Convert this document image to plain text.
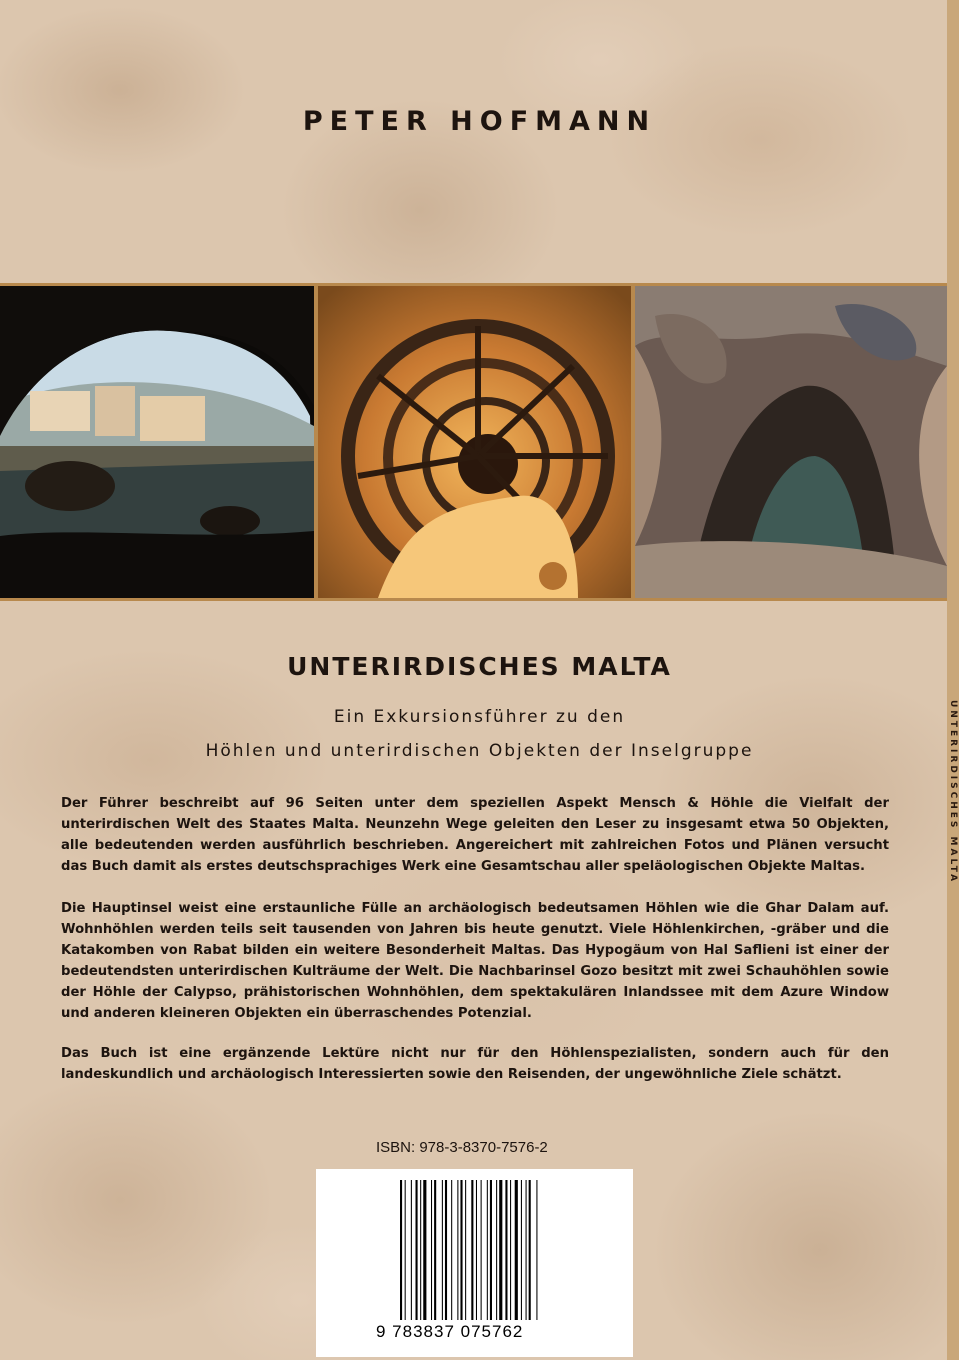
UNTERIRDISCHES MALTA
PETER HOFMANN
UNTERIRDISCHES MALTA
Ein Exkursionsführer zu den
Höhlen und unterirdischen Objekten der Inselgruppe
Der Führer beschreibt auf 96 Seiten unter dem speziellen Aspekt Mensch & Höhle die Vielfalt der unterirdischen Welt des Staates Malta. Neunzehn Wege geleiten den Leser zu insgesamt etwa 50 Objekten, alle bedeutenden werden ausführlich beschrieben. Angereichert mit zahlreichen Fotos und Plänen versucht das Buch damit als erstes deutschsprachiges Werk eine Gesamtschau aller speläologischen Objekte Maltas.
Die Hauptinsel weist eine erstaunliche Fülle an archäologisch bedeutsamen Höhlen wie die Ghar Dalam auf. Wohnhöhlen werden teils seit tausenden von Jahren bis heute genutzt. Viele Höhlenkirchen, -gräber und die Katakomben von Rabat bilden ein weitere Besonderheit Maltas. Das Hypogäum von Hal Saflieni ist einer der bedeutendsten unterirdischen Kulträume der Welt. Die Nachbarinsel Gozo besitzt mit zwei Schauhöhlen sowie der Höhle der Calypso, prähistorischen Wohnhöhlen, dem spektakulären Inlandssee mit dem Azure Window und anderen kleineren Objekten ein überraschendes Potenzial.
Das Buch ist eine ergänzende Lektüre nicht nur für den Höhlenspezialisten, sondern auch für den landeskundlich und archäologisch Interessierten sowie den Reisenden, der ungewöhnliche Ziele schätzt.
ISBN: 978-3-8370-7576-2
9 783837 075762
